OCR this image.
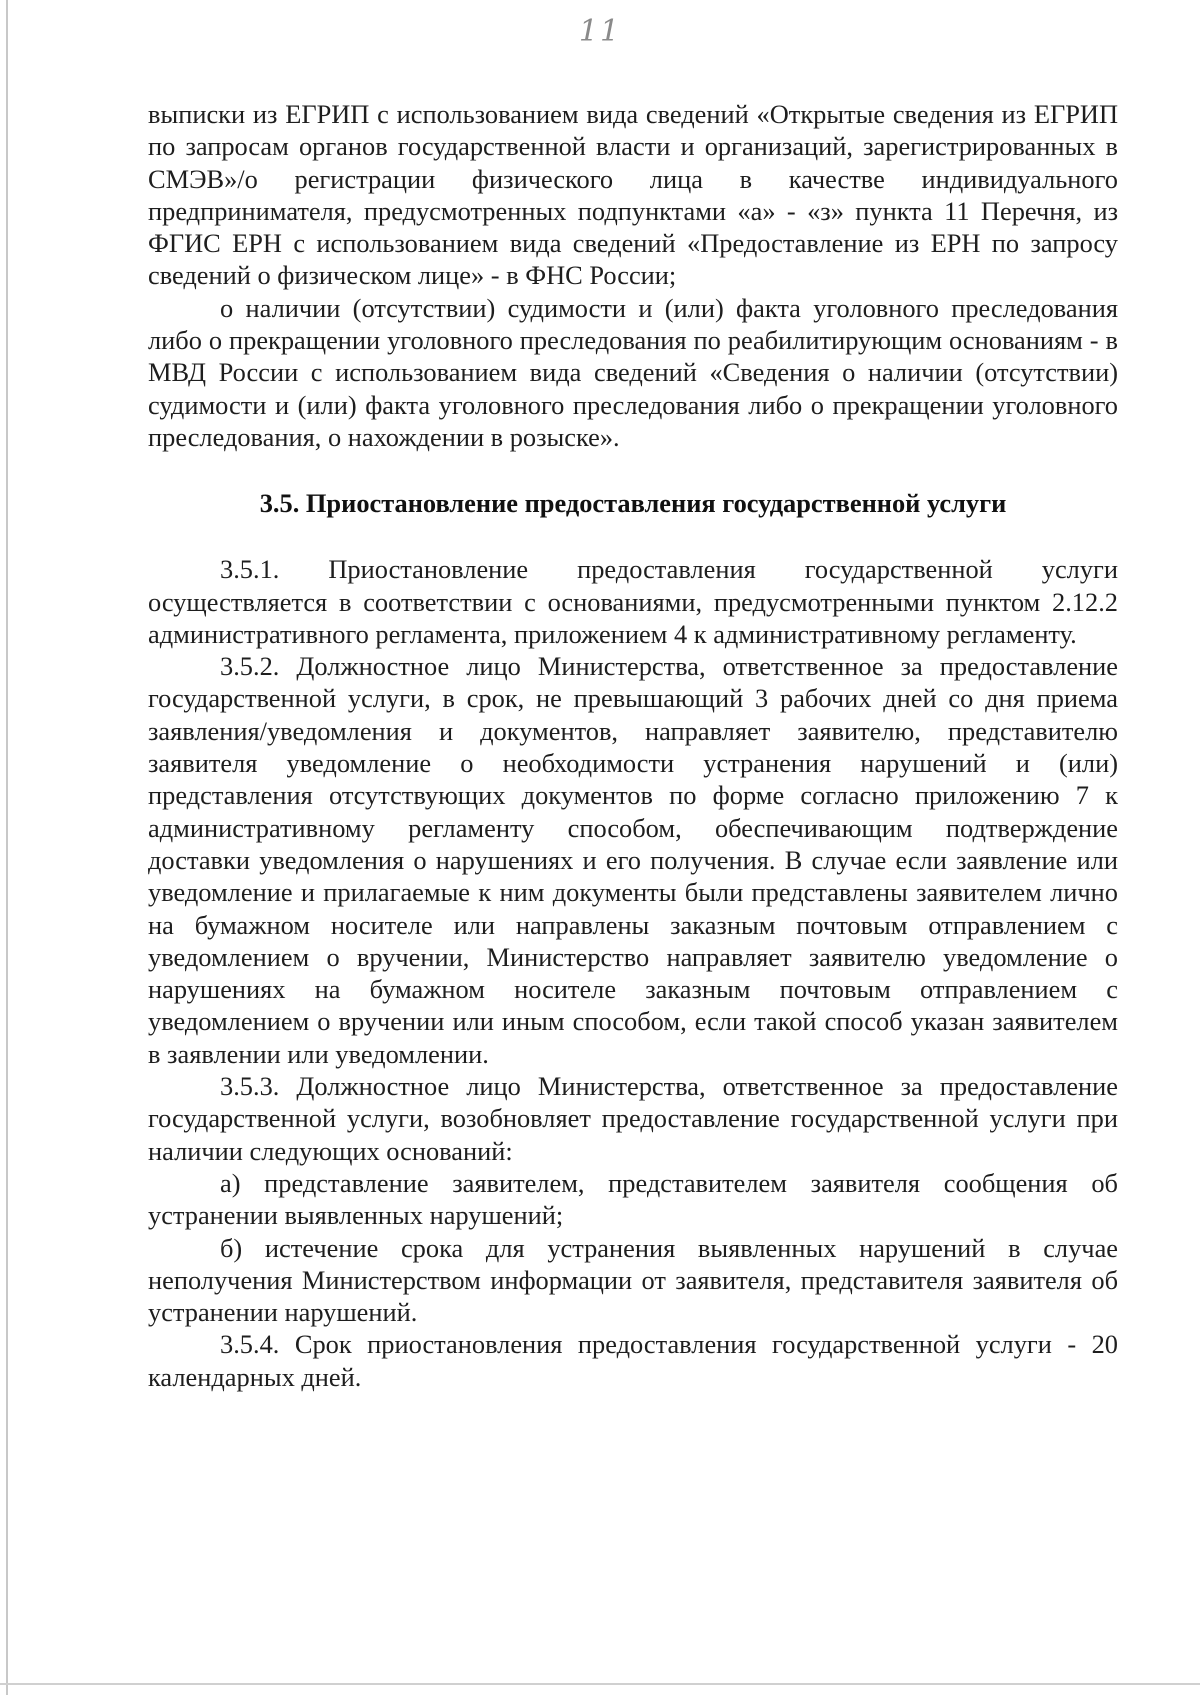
11

выписки из ЕГРИП с использованием вида сведений «Открытые сведения из ЕГРИП по запросам органов государственной власти и организаций, зарегистрированных в СМЭВ»/о регистрации физического лица в качестве индивидуального предпринимателя, предусмотренных подпунктами «а» - «з» пункта 11 Перечня, из ФГИС ЕРН с использованием вида сведений «Предоставление из ЕРН по запросу сведений о физическом лице» - в ФНС России;

о наличии (отсутствии) судимости и (или) факта уголовного преследования либо о прекращении уголовного преследования по реабилитирующим основаниям - в МВД России с использованием вида сведений «Сведения о наличии (отсутствии) судимости и (или) факта уголовного преследования либо о прекращении уголовного преследования, о нахождении в розыске».

3.5. Приостановление предоставления государственной услуги

3.5.1. Приостановление предоставления государственной услуги осуществляется в соответствии с основаниями, предусмотренными пунктом 2.12.2 административного регламента, приложением 4 к административному регламенту.

3.5.2. Должностное лицо Министерства, ответственное за предоставление государственной услуги, в срок, не превышающий 3 рабочих дней со дня приема заявления/уведомления и документов, направляет заявителю, представителю заявителя уведомление о необходимости устранения нарушений и (или) представления отсутствующих документов по форме согласно приложению 7 к административному регламенту способом, обеспечивающим подтверждение доставки уведомления о нарушениях и его получения. В случае если заявление или уведомление и прилагаемые к ним документы были представлены заявителем лично на бумажном носителе или направлены заказным почтовым отправлением с уведомлением о вручении, Министерство направляет заявителю уведомление о нарушениях на бумажном носителе заказным почтовым отправлением с уведомлением о вручении или иным способом, если такой способ указан заявителем в заявлении или уведомлении.

3.5.3. Должностное лицо Министерства, ответственное за предоставление государственной услуги, возобновляет предоставление государственной услуги при наличии следующих оснований:

а) представление заявителем, представителем заявителя сообщения об устранении выявленных нарушений;

б) истечение срока для устранения выявленных нарушений в случае неполучения Министерством информации от заявителя, представителя заявителя об устранении нарушений.

3.5.4. Срок приостановления предоставления государственной услуги - 20 календарных дней.
